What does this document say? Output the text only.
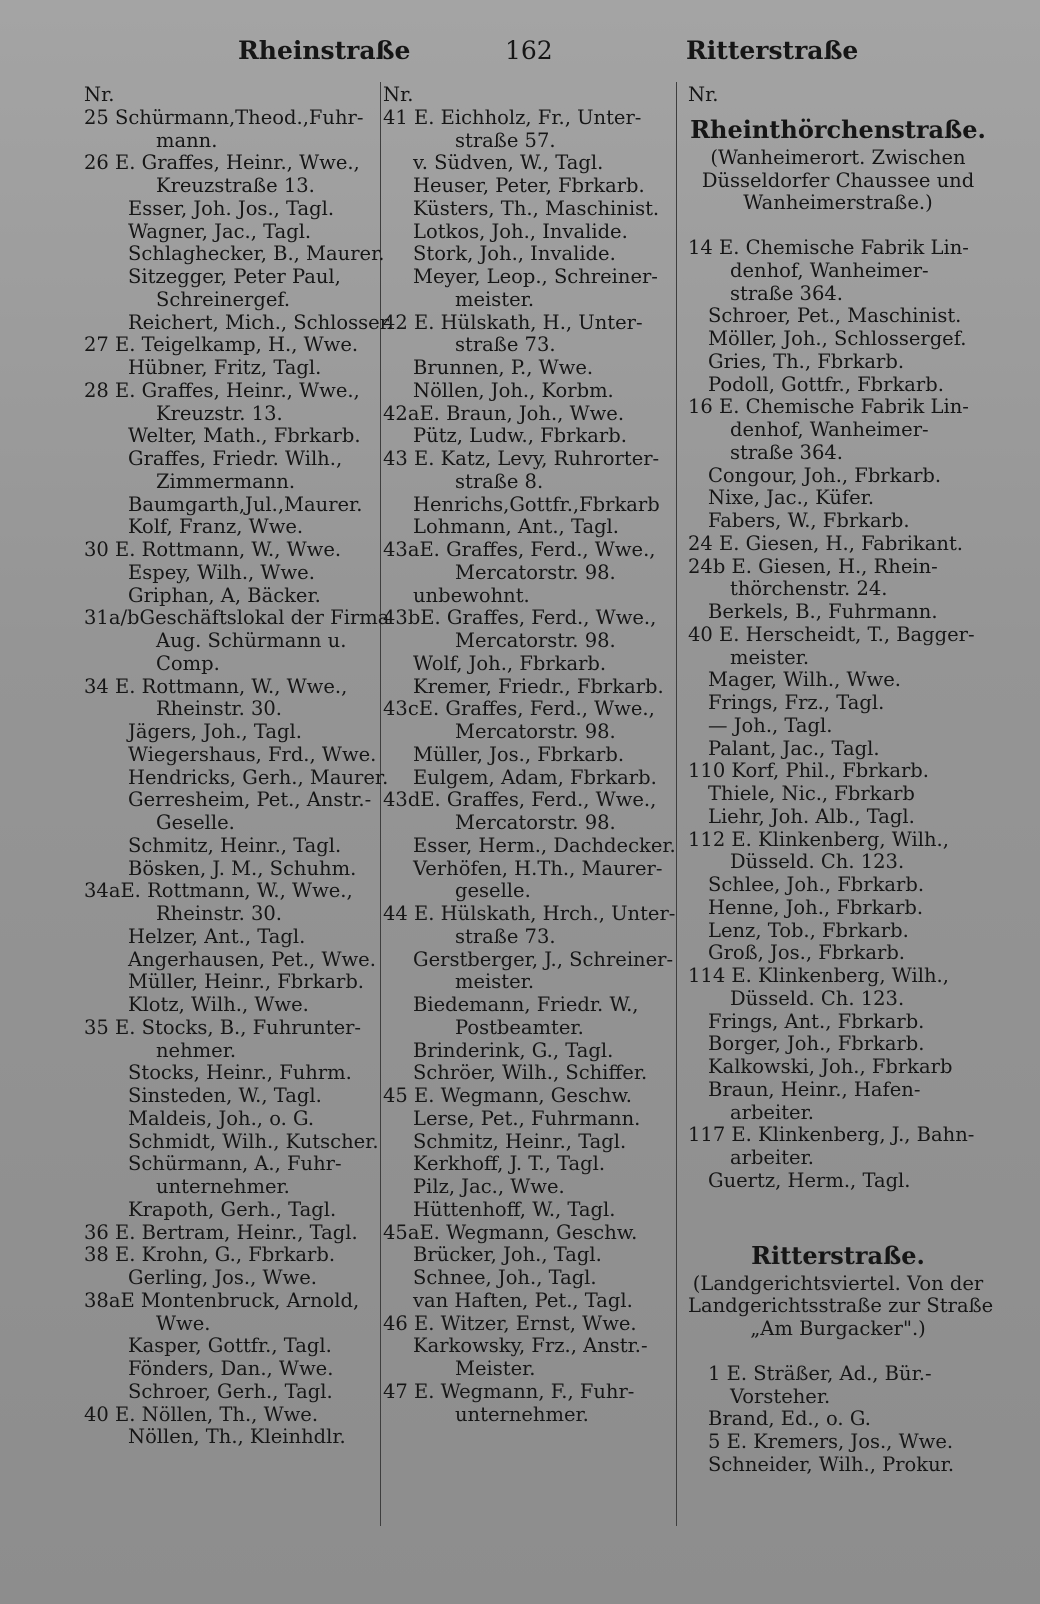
Rheinstraße	162	Ritterstraße
Nr.
25 Schürmann,Theod.,Fuhr-
mann.
26 E. Graffes, Heinr., Wwe.,
Kreuzstraße 13.
Esser, Joh. Jos., Tagl.
Wagner, Jac., Tagl.
Schlaghecker, B., Maurer.
Sitzegger, Peter Paul,
Schreinergef.
Reichert, Mich., Schlosser.
27 E. Teigelkamp, H., Wwe.
Hübner, Fritz, Tagl.
28 E. Graffes, Heinr., Wwe.,
Kreuzstr. 13.
Welter, Math., Fbrkarb.
Graffes, Friedr. Wilh.,
Zimmermann.
Baumgarth,Jul.,Maurer.
Kolf, Franz, Wwe.
30 E. Rottmann, W., Wwe.
Espey, Wilh., Wwe.
Griphan, A, Bäcker.
31a/bGeschäftslokal der Firma
Aug. Schürmann u.
Comp.
34 E. Rottmann, W., Wwe.,
Rheinstr. 30.
Jägers, Joh., Tagl.
Wiegershaus, Frd., Wwe.
Hendricks, Gerh., Maurer.
Gerresheim, Pet., Anstr.-
Geselle.
Schmitz, Heinr., Tagl.
Bösken, J. M., Schuhm.
34aE. Rottmann, W., Wwe.,
Rheinstr. 30.
Helzer, Ant., Tagl.
Angerhausen, Pet., Wwe.
Müller, Heinr., Fbrkarb.
Klotz, Wilh., Wwe.
35 E. Stocks, B., Fuhrunter-
nehmer.
Stocks, Heinr., Fuhrm.
Sinsteden, W., Tagl.
Maldeis, Joh., o. G.
Schmidt, Wilh., Kutscher.
Schürmann, A., Fuhr-
unternehmer.
Krapoth, Gerh., Tagl.
36 E. Bertram, Heinr., Tagl.
38 E. Krohn, G., Fbrkarb.
Gerling, Jos., Wwe.
38aE Montenbruck, Arnold,
Wwe.
Kasper, Gottfr., Tagl.
Fönders, Dan., Wwe.
Schroer, Gerh., Tagl.
40 E. Nöllen, Th., Wwe.
Nöllen, Th., Kleinhdlr.
Nr.
41 E. Eichholz, Fr., Unter-
straße 57.
v. Südven, W., Tagl.
Heuser, Peter, Fbrkarb.
Küsters, Th., Maschinist.
Lotkos, Joh., Invalide.
Stork, Joh., Invalide.
Meyer, Leop., Schreiner-
meister.
42 E. Hülskath, H., Unter-
straße 73.
Brunnen, P., Wwe.
Nöllen, Joh., Korbm.
42aE. Braun, Joh., Wwe.
Pütz, Ludw., Fbrkarb.
43 E. Katz, Levy, Ruhrorter-
straße 8.
Henrichs,Gottfr.,Fbrkarb
Lohmann, Ant., Tagl.
43aE. Graffes, Ferd., Wwe.,
Mercatorstr. 98.
unbewohnt.
43bE. Graffes, Ferd., Wwe.,
Mercatorstr. 98.
Wolf, Joh., Fbrkarb.
Kremer, Friedr., Fbrkarb.
43cE. Graffes, Ferd., Wwe.,
Mercatorstr. 98.
Müller, Jos., Fbrkarb.
Eulgem, Adam, Fbrkarb.
43dE. Graffes, Ferd., Wwe.,
Mercatorstr. 98.
Esser, Herm., Dachdecker.
Verhöfen, H.Th., Maurer-
geselle.
44 E. Hülskath, Hrch., Unter-
straße 73.
Gerstberger, J., Schreiner-
meister.
Biedemann, Friedr. W.,
Postbeamter.
Brinderink, G., Tagl.
Schröer, Wilh., Schiffer.
45 E. Wegmann, Geschw.
Lerse, Pet., Fuhrmann.
Schmitz, Heinr., Tagl.
Kerkhoff, J. T., Tagl.
Pilz, Jac., Wwe.
Hüttenhoff, W., Tagl.
45aE. Wegmann, Geschw.
Brücker, Joh., Tagl.
Schnee, Joh., Tagl.
van Haften, Pet., Tagl.
46 E. Witzer, Ernst, Wwe.
Karkowsky, Frz., Anstr.-
Meister.
47 E. Wegmann, F., Fuhr-
unternehmer.
Nr.
Rheinthörchenstraße.
(Wanheimerort. Zwischen
Düsseldorfer Chaussee und
Wanheimerstraße.)
14 E. Chemische Fabrik Lin-
denhof, Wanheimer-
straße 364.
Schroer, Pet., Maschinist.
Möller, Joh., Schlossergef.
Gries, Th., Fbrkarb.
Podoll, Gottfr., Fbrkarb.
16 E. Chemische Fabrik Lin-
denhof, Wanheimer-
straße 364.
Congour, Joh., Fbrkarb.
Nixe, Jac., Küfer.
Fabers, W., Fbrkarb.
24 E. Giesen, H., Fabrikant.
24b E. Giesen, H., Rhein-
thörchenstr. 24.
Berkels, B., Fuhrmann.
40 E. Herscheidt, T., Bagger-
meister.
Mager, Wilh., Wwe.
Frings, Frz., Tagl.
— Joh., Tagl.
Palant, Jac., Tagl.
110 Korf, Phil., Fbrkarb.
Thiele, Nic., Fbrkarb
Liehr, Joh. Alb., Tagl.
112 E. Klinkenberg, Wilh.,
Düsseld. Ch. 123.
Schlee, Joh., Fbrkarb.
Henne, Joh., Fbrkarb.
Lenz, Tob., Fbrkarb.
Groß, Jos., Fbrkarb.
114 E. Klinkenberg, Wilh.,
Düsseld. Ch. 123.
Frings, Ant., Fbrkarb.
Borger, Joh., Fbrkarb.
Kalkowski, Joh., Fbrkarb
Braun, Heinr., Hafen-
arbeiter.
117 E. Klinkenberg, J., Bahn-
arbeiter.
Guertz, Herm., Tagl.
Ritterstraße.
(Landgerichtsviertel. Von der
Landgerichtsstraße zur Straße
„Am Burgacker".)
1 E. Sträßer, Ad., Bür.-
Vorsteher.
Brand, Ed., o. G.
5 E. Kremers, Jos., Wwe.
Schneider, Wilh., Prokur.
